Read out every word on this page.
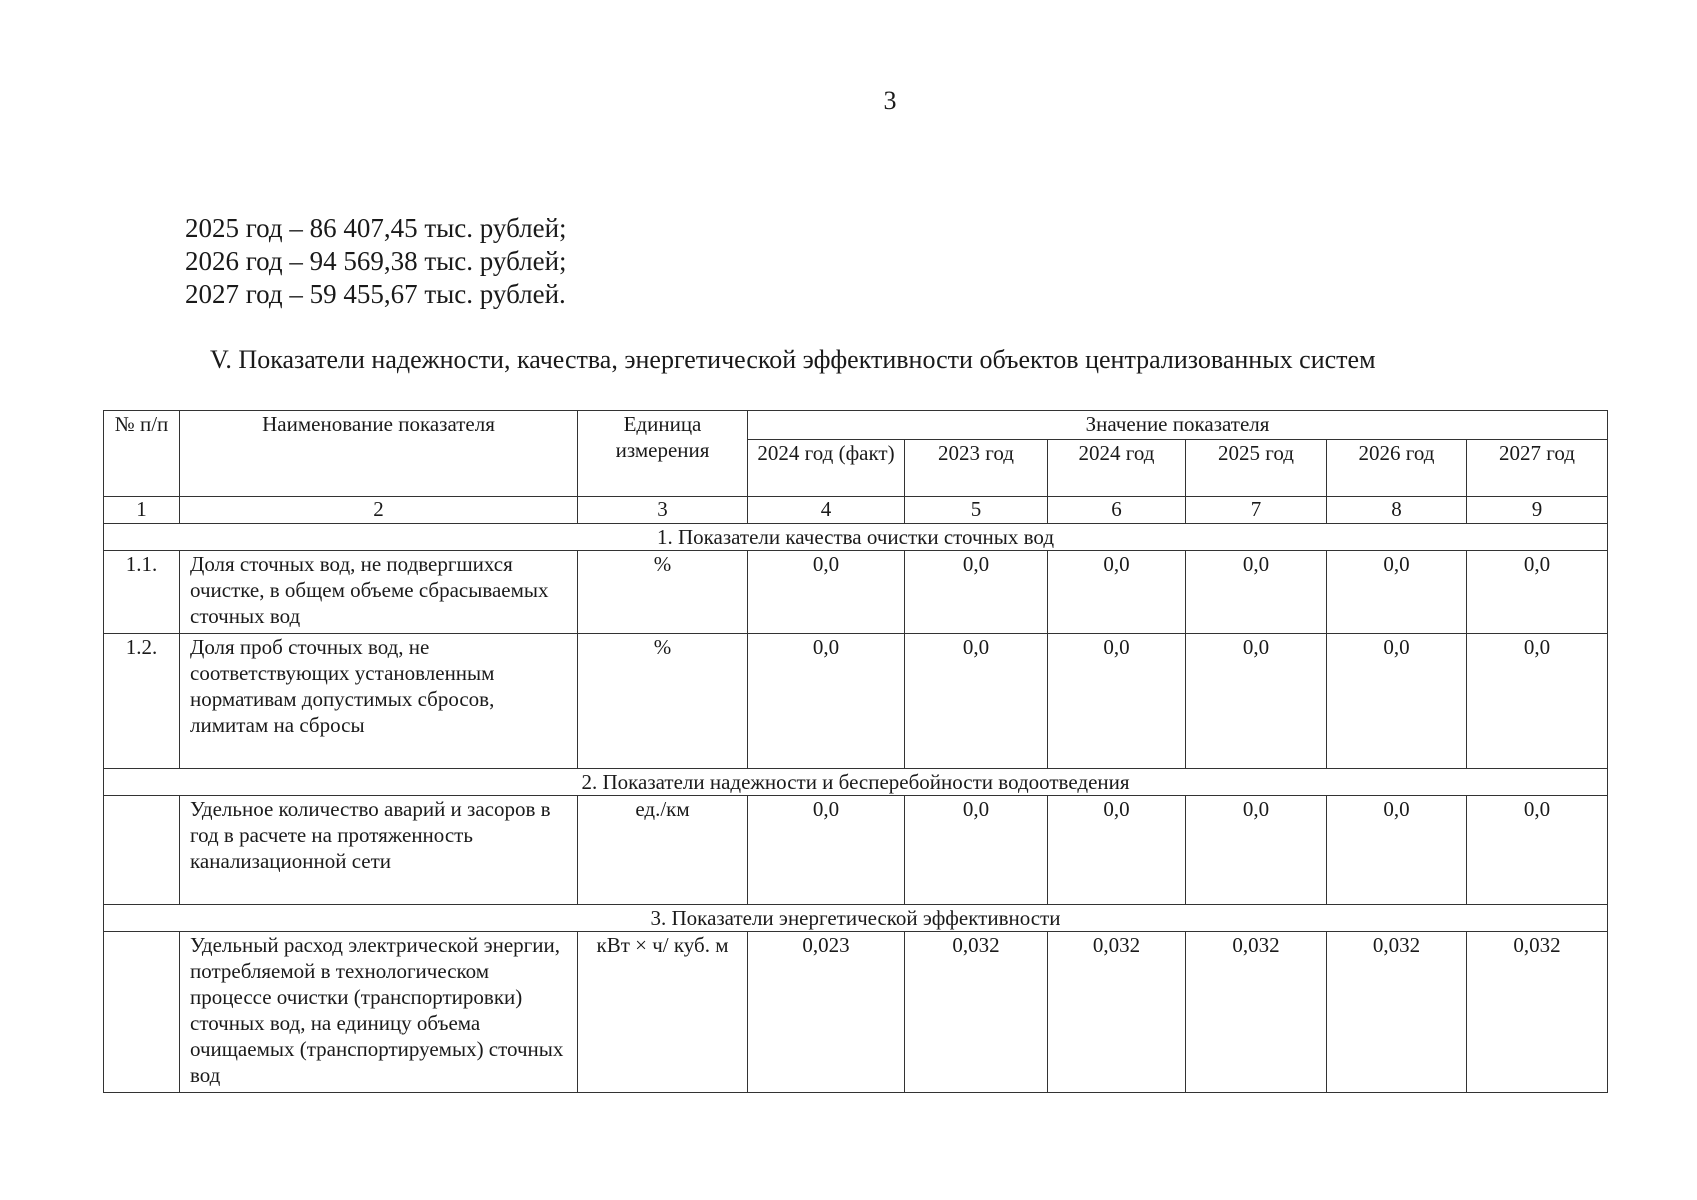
3
2025 год – 86 407,45 тыс. рублей;
2026 год – 94 569,38 тыс. рублей;
2027 год – 59 455,67 тыс. рублей.
V. Показатели надежности, качества, энергетической эффективности объектов централизованных систем
№ п/п	Наименование показателя	Единица измерения	Значение показателя					
			2024 год (факт)	2023 год	2024 год	2025 год	2026 год	2027 год
1	2	3	4	5	6	7	8	9
1. Показатели качества очистки сточных вод								
1.1.	Доля сточных вод, не подвергшихся очистке, в общем объеме сбрасываемых сточных вод	%	0,0	0,0	0,0	0,0	0,0	0,0
1.2.	Доля проб сточных вод, не соответствующих установленным нормативам допустимых сбросов, лимитам на сбросы	%	0,0	0,0	0,0	0,0	0,0	0,0
2. Показатели надежности и бесперебойности водоотведения								
	Удельное количество аварий и засоров в год в расчете на протяженность канализационной сети	ед./км	0,0	0,0	0,0	0,0	0,0	0,0
3. Показатели энергетической эффективности								
	Удельный расход электрической энергии, потребляемой в технологическом процессе очистки (транспортировки) сточных вод, на единицу объема очищаемых (транспортируемых) сточных вод	кВт × ч/ куб. м	0,023	0,032	0,032	0,032	0,032	0,032
